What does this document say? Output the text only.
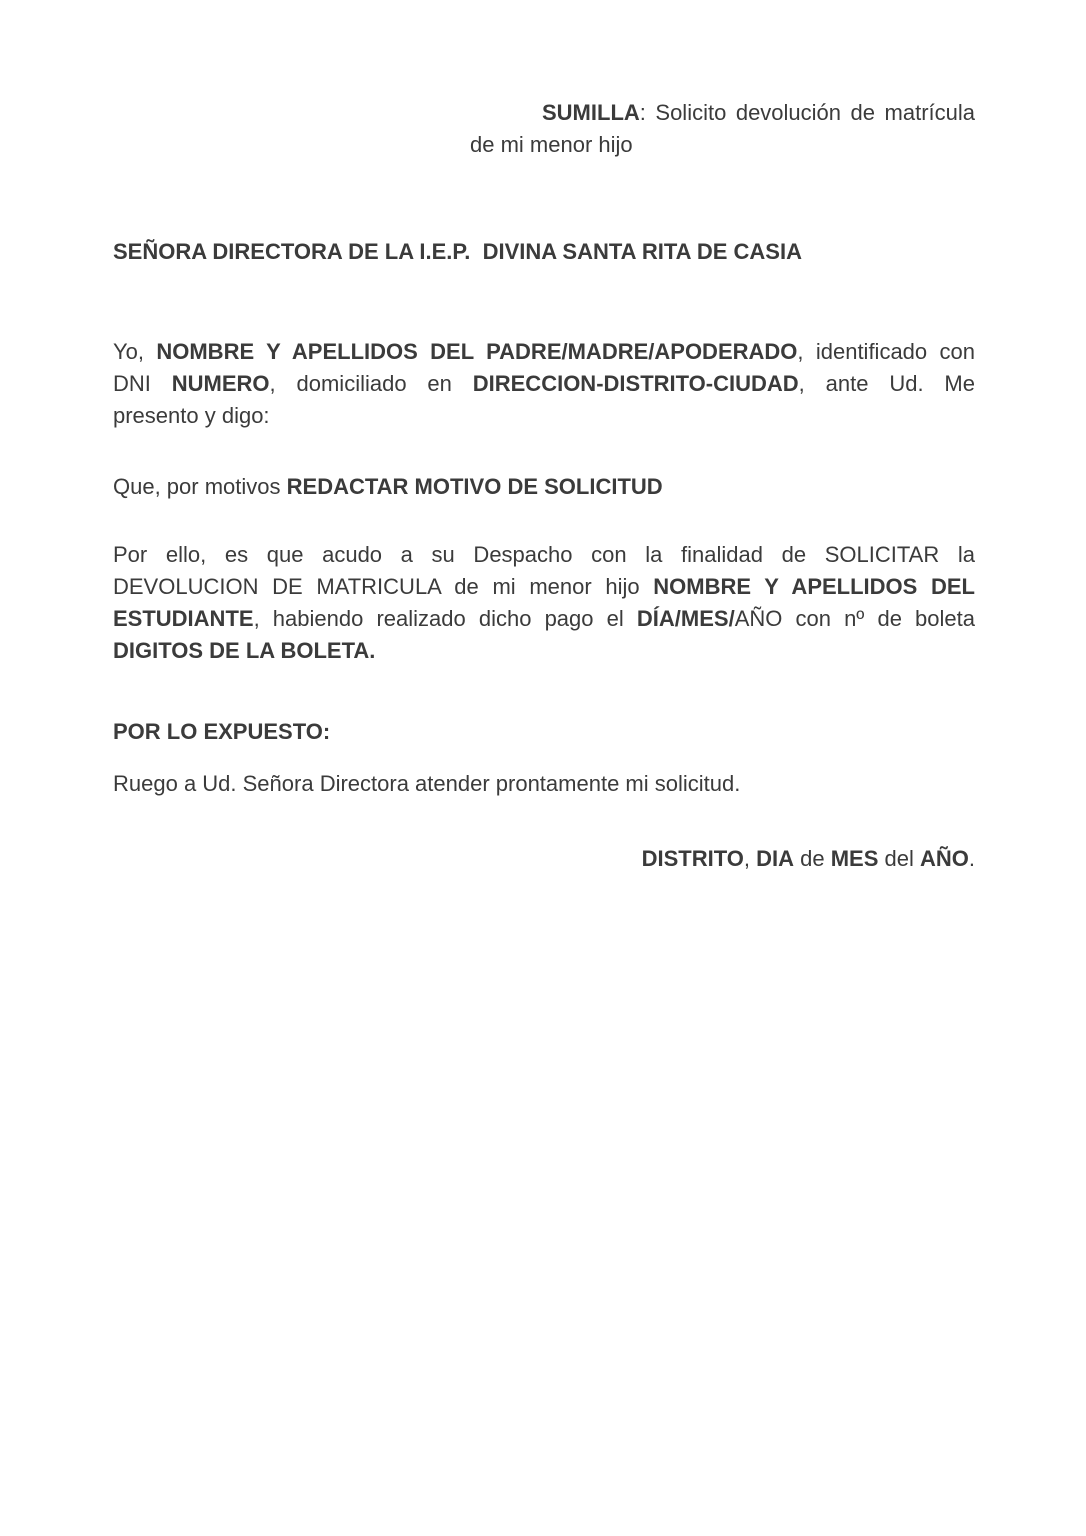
SUMILLA: Solicito devolución de matrícula
de mi menor hijo
SEÑORA DIRECTORA DE LA I.E.P.  DIVINA SANTA RITA DE CASIA
Yo, NOMBRE Y APELLIDOS DEL PADRE/MADRE/APODERADO, identificado con
DNI NUMERO, domiciliado en DIRECCION-DISTRITO-CIUDAD, ante Ud. Me
presento y digo:
Que, por motivos REDACTAR MOTIVO DE SOLICITUD
Por ello, es que acudo a su Despacho con la finalidad de SOLICITAR la
DEVOLUCION DE MATRICULA de mi menor hijo NOMBRE Y APELLIDOS DEL
ESTUDIANTE, habiendo realizado dicho pago el DÍA/MES/AÑO con nº de boleta
DIGITOS DE LA BOLETA.
POR LO EXPUESTO:
Ruego a Ud. Señora Directora atender prontamente mi solicitud.
DISTRITO, DIA de MES del AÑO.
